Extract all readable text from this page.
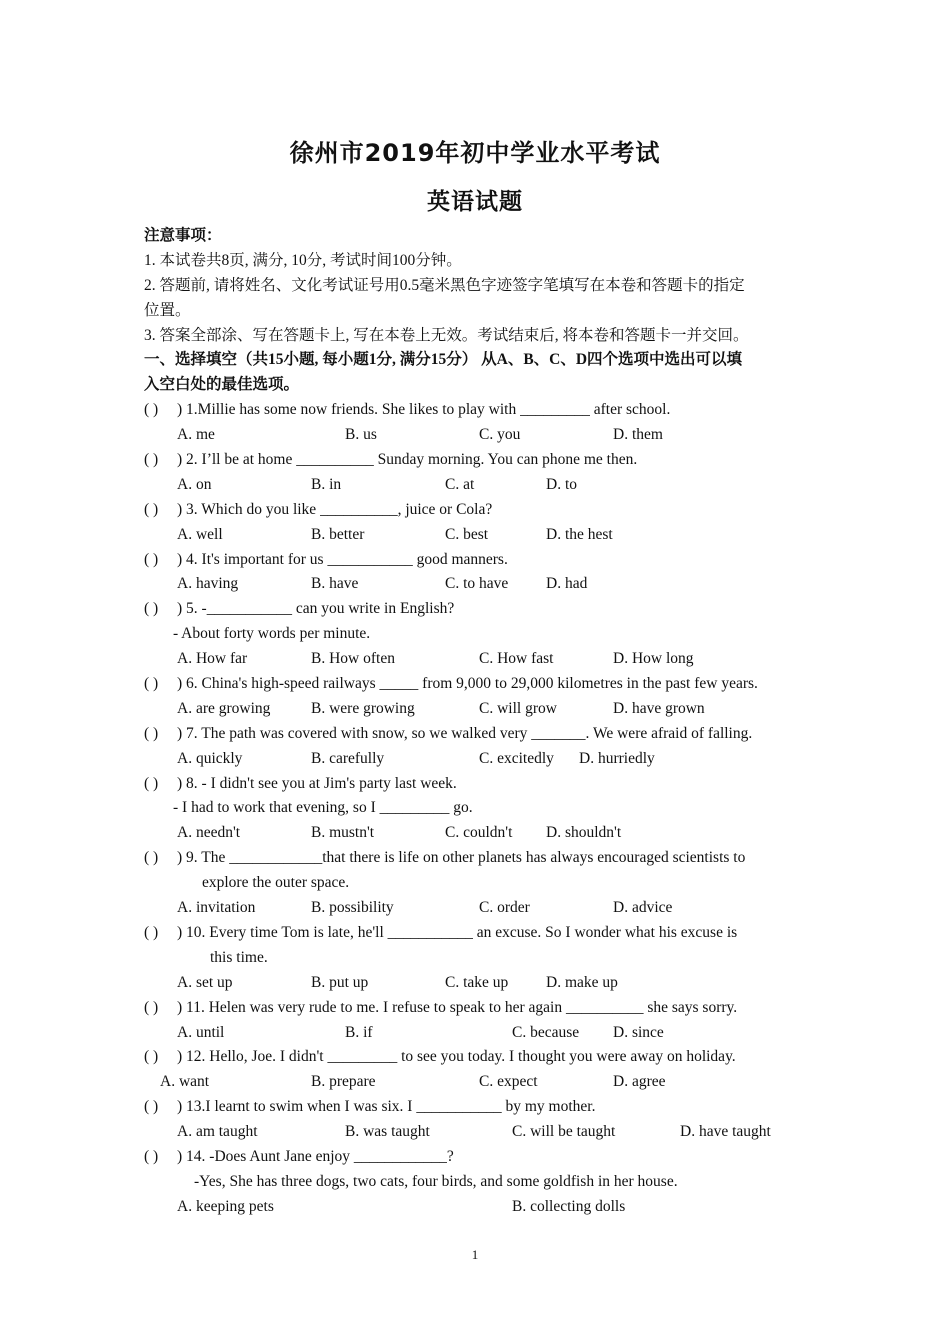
徐州市2019年初中学业水平考试
英语试题
注意事项：
1. 本试卷共8页, 满分, 10分, 考试时间100分钟。
2. 答题前, 请将姓名、文化考试证号用0.5毫米黑色字迹签字笔填写在本卷和答题卡的指定
位置。
3. 答案全部涂、写在答题卡上, 写在本卷上无效。考试结束后, 将本卷和答题卡一并交回。
一、选择填空（共15小题, 每小题1分, 满分15分） 从A、B、C、D四个选项中选出可以填
入空白处的最佳选项。
( ) ) 1.Millie has some now friends. She likes to play with _________ after school.
A. me	B. us	C. you	D. them
( ) ) 2. I’ll be at home __________ Sunday morning. You can phone me then.
A. on	B. in	C. at	D. to
( ) ) 3. Which do you like __________, juice or Cola?
A. well	B. better	C. best	D. the hest
( ) ) 4. It's important for us ___________ good manners.
A. having	B. have	C. to have D. had
( ) ) 5. -___________ can you write in English?
- About forty words per minute.
A. How far	B. How often	C. How fast	D. How long
( ) ) 6. China's high-speed railways _____ from 9,000 to 29,000 kilometres in the past few years.
A. are growing	B. were growing	C. will grow	D. have grown
( ) ) 7. The path was covered with snow, so we walked very _______. We were afraid of falling.
A. quickly	B. carefully	C. excitedly D. hurriedly
( ) ) 8. - I didn't see you at Jim's party last week.
- I had to work that evening, so I _________ go.
A. needn't	B. mustn't	C. couldn't D. shouldn't
( ) ) 9. The ____________that there is life on other planets has always encouraged scientists to
explore the outer space.
A. invitation	B. possibility	C. order	D. advice
( ) ) 10. Every time Tom is late, he'll ___________ an excuse. So I wonder what his excuse is
this time.
A. set up	B. put up	C. take up D. make up
( ) ) 11. Helen was very rude to me. I refuse to speak to her again __________ she says sorry.
A. until	B. if	C. because D. since
( ) ) 12. Hello, Joe. I didn't _________ to see you today. I thought you were away on holiday.
A. want	B. prepare	C. expect	D. agree
( ) ) 13.I learnt to swim when I was six. I ___________ by my mother.
A. am taught	B. was taught	C. will be taught	D. have taught
( ) ) 14. -Does Aunt Jane enjoy ____________?
-Yes, She has three dogs, two cats, four birds, and some goldfish in her house.
A. keeping pets	B. collecting dolls
1
